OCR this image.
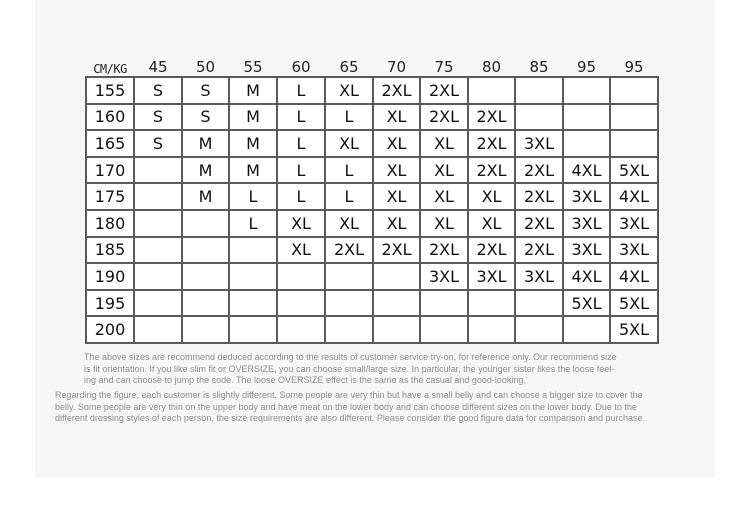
CM/KG	45	50	55	60	65	70	75	80	85	95	95
155	S	S	M	L	XL	2XL	2XL				
160	S	S	M	L	L	XL	2XL	2XL			
165	S	M	M	L	XL	XL	XL	2XL	3XL		
170		M	M	L	L	XL	XL	2XL	2XL	4XL	5XL
175		M	L	L	L	XL	XL	XL	2XL	3XL	4XL
180			L	XL	XL	XL	XL	XL	2XL	3XL	3XL
185				XL	2XL	2XL	2XL	2XL	2XL	3XL	3XL
190							3XL	3XL	3XL	4XL	4XL
195										5XL	5XL
200											5XL
The above sizes are recommend deduced according to the results of customer service try-on, for reference only. Our recommend size
is fit orientation. If you like slim fit or OVERSIZE, you can choose small/large size. In particular, the younger sister likes the loose feel-
ing and can choose to jump the code. The loose OVERSIZE effect is the same as the casual and good-looking.
Regarding the figure, each customer is slightly different. Some people are very thin but have a small belly and can choose a bigger size to cover the
belly. Some people are very thin on the upper body and have meat on the lower body and can choose different sizes on the lower body. Due to the
different dressing styles of each person, the size requirements are also different. Please consider the good figure data for comparison and purchase.
